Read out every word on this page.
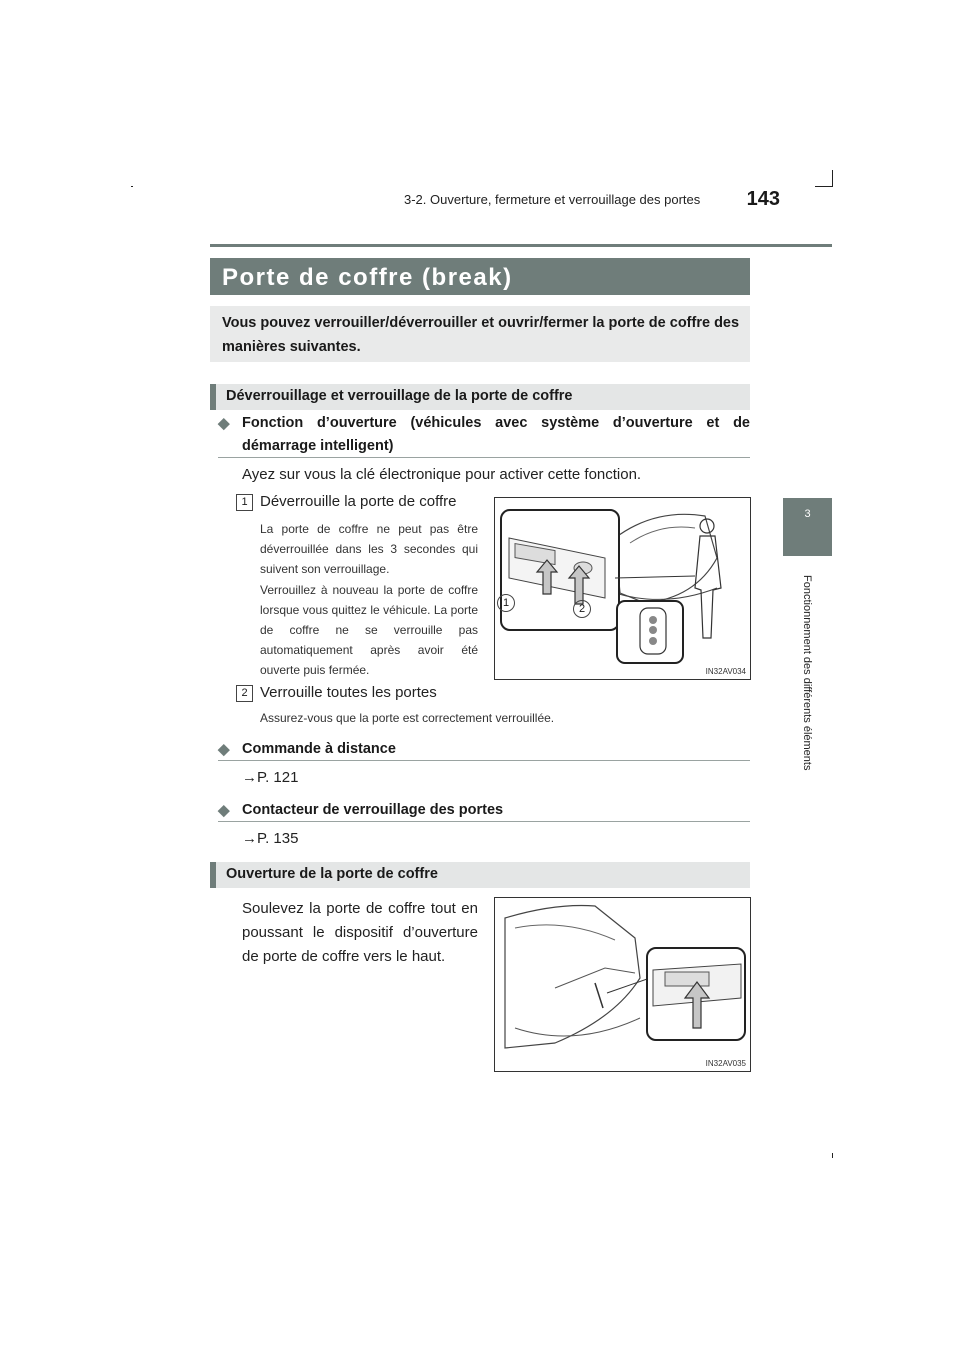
3-2. Ouverture, fermeture et verrouillage des portes	143
3
Fonctionnement des différents éléments
Porte de coffre (break)
Vous pouvez verrouiller/déverrouiller et ouvrir/fermer la porte de coffre des manières suivantes.
Déverrouillage et verrouillage de la porte de coffre
◆ Fonction d’ouverture (véhicules avec système d’ouverture et de démarrage intelligent)
Ayez sur vous la clé électronique pour activer cette fonction.
1 Déverrouille la porte de coffre
La porte de coffre ne peut pas être déverrouillée dans les 3 secondes qui suivent son verrouillage.
Verrouillez à nouveau la porte de coffre lorsque vous quittez le véhicule. La porte de coffre ne se verrouille pas automatiquement après avoir été ouverte puis fermée.
1	2
IN32AV034
2 Verrouille toutes les portes
Assurez-vous que la porte est correctement verrouillée.
◆ Commande à distance
→P. 121
◆ Contacteur de verrouillage des portes
→P. 135
Ouverture de la porte de coffre
Soulevez la porte de coffre tout en poussant le dispositif d’ouverture de porte de coffre vers le haut.
IN32AV035
